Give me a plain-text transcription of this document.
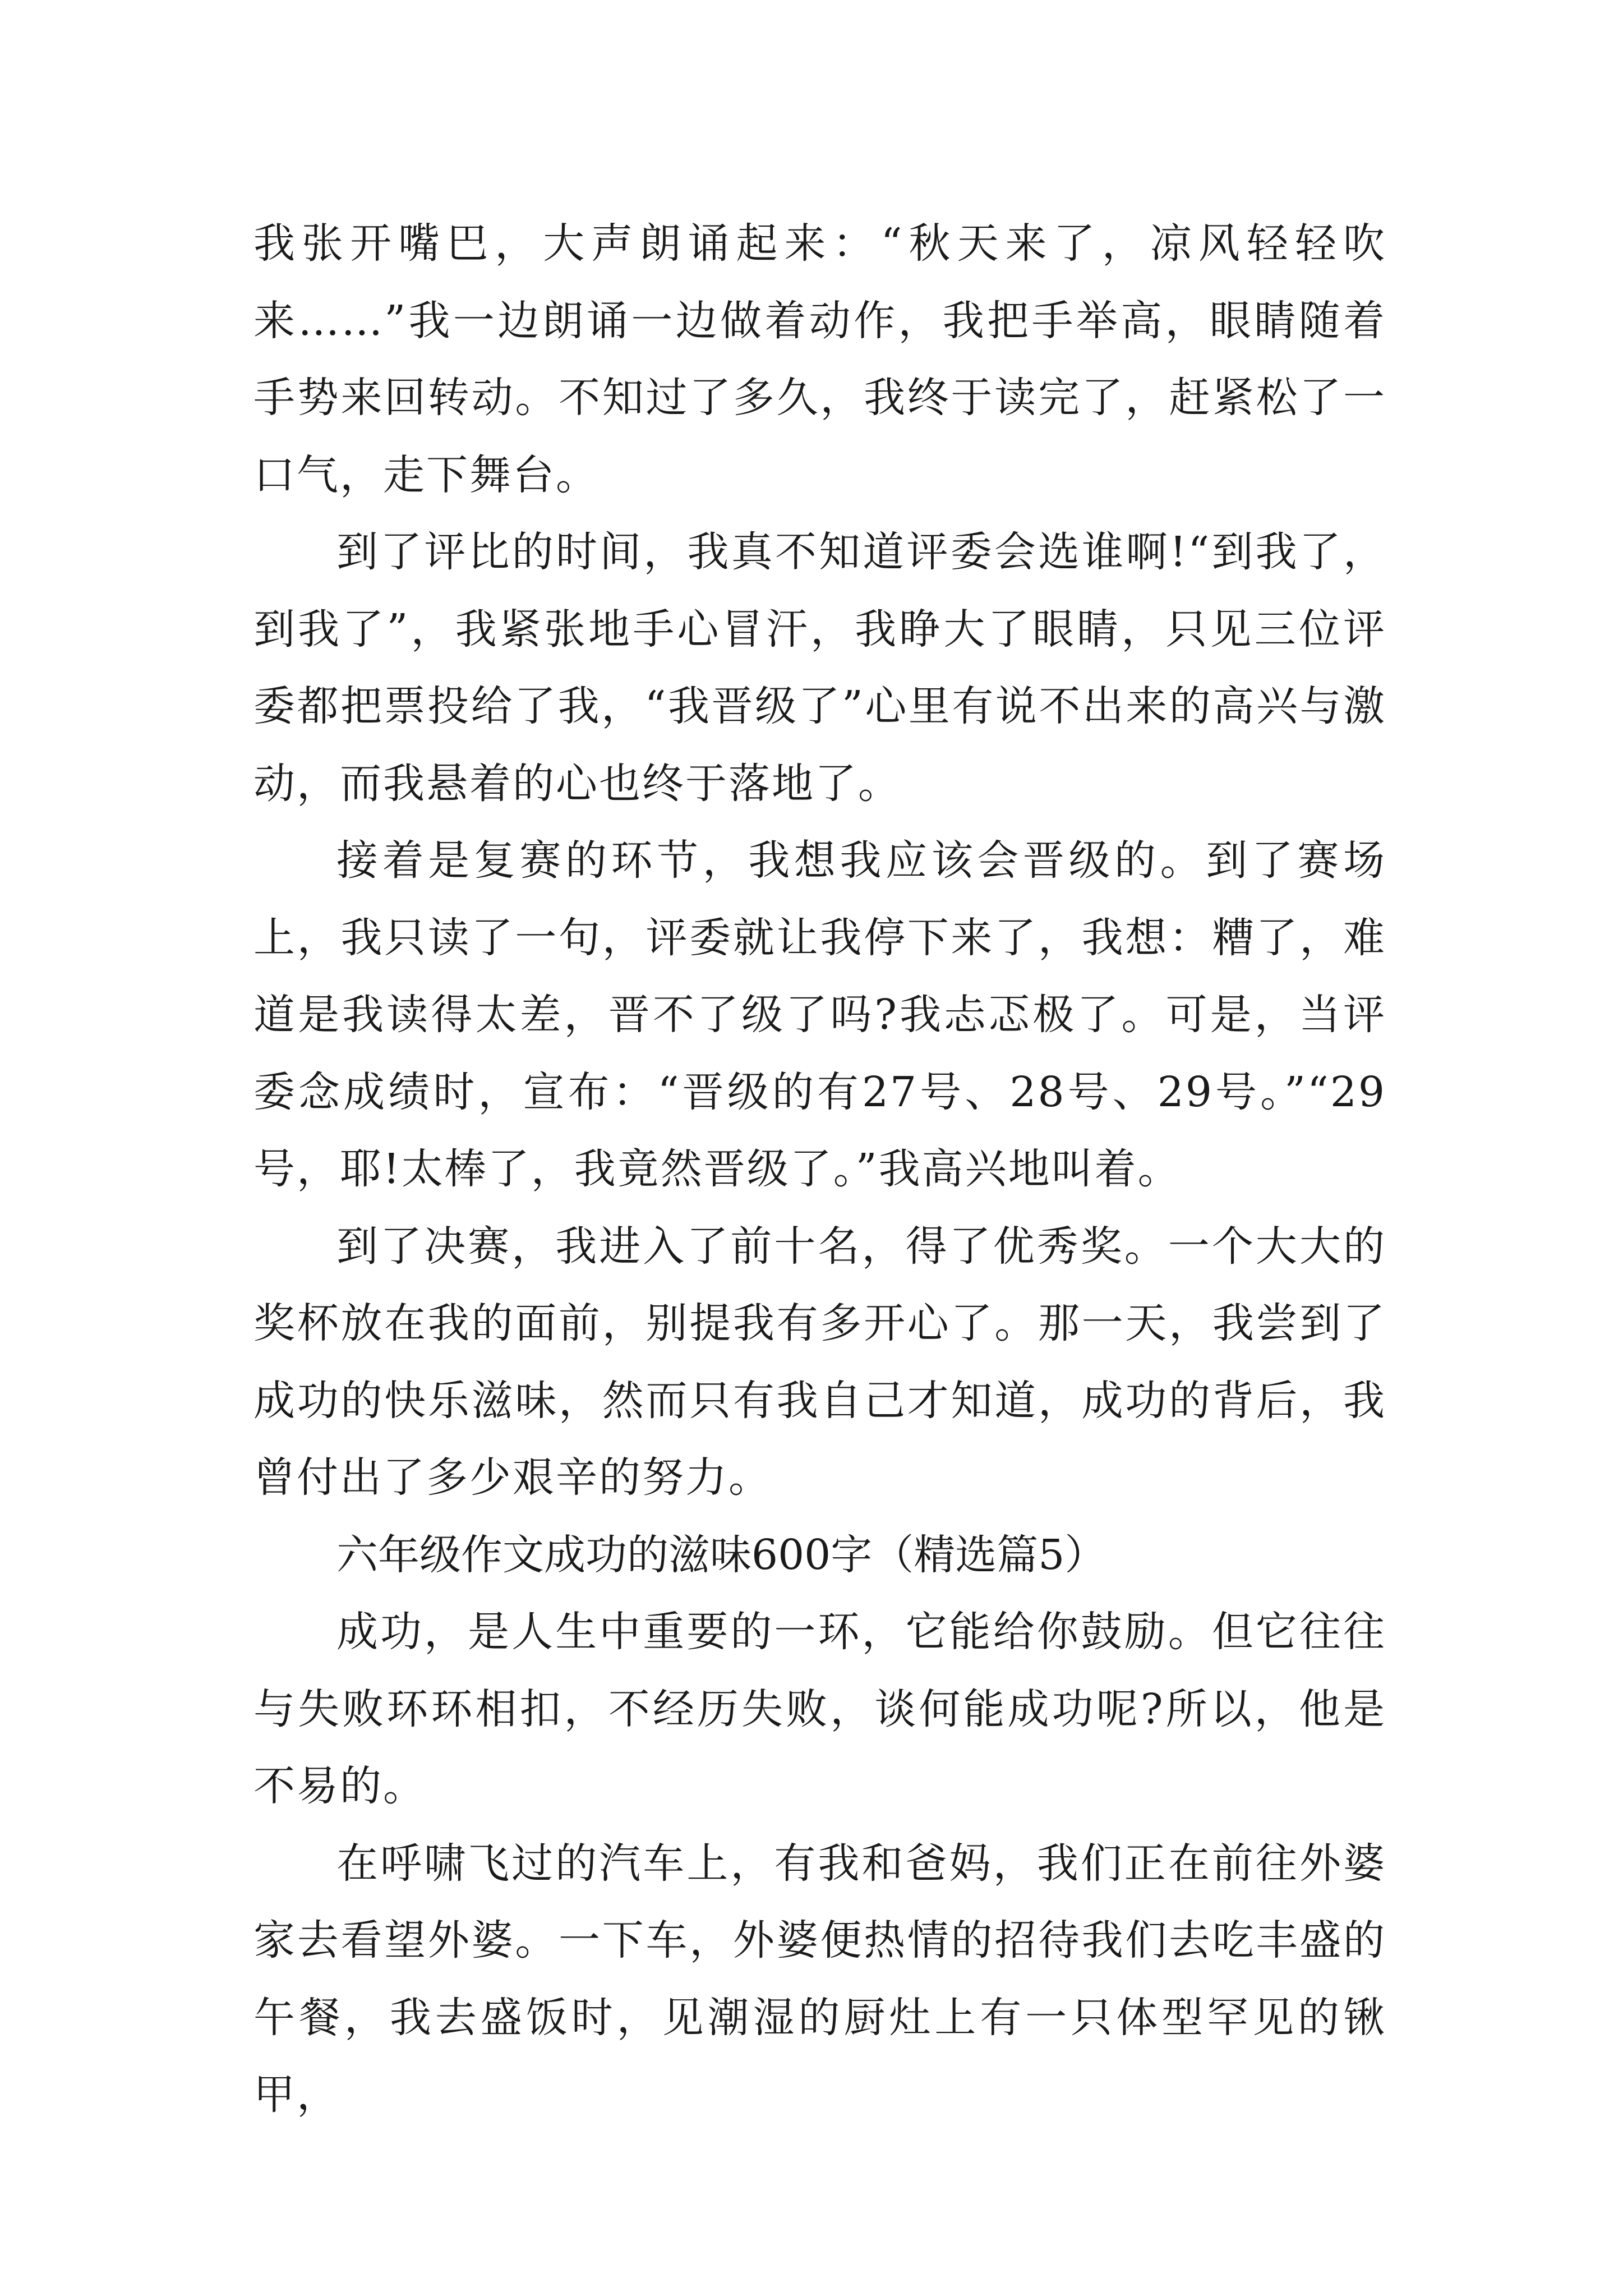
我张开嘴巴，大声朗诵起来：“秋天来了，凉风轻轻吹来……”我一边朗诵一边做着动作，我把手举高，眼睛随着手势来回转动。不知过了多久，我终于读完了，赶紧松了一口气，走下舞台。

到了评比的时间，我真不知道评委会选谁啊!“到我了，到我了”，我紧张地手心冒汗，我睁大了眼睛，只见三位评委都把票投给了我，“我晋级了”心里有说不出来的高兴与激动，而我悬着的心也终于落地了。

接着是复赛的环节，我想我应该会晋级的。到了赛场上，我只读了一句，评委就让我停下来了，我想：糟了，难道是我读得太差，晋不了级了吗?我忐忑极了。可是，当评委念成绩时，宣布：“晋级的有27号、28号、29号。”“29号，耶!太棒了，我竟然晋级了。”我高兴地叫着。

到了决赛，我进入了前十名，得了优秀奖。一个大大的奖杯放在我的面前，别提我有多开心了。那一天，我尝到了成功的快乐滋味，然而只有我自己才知道，成功的背后，我曾付出了多少艰辛的努力。

六年级作文成功的滋味600字（精选篇5）

成功，是人生中重要的一环，它能给你鼓励。但它往往与失败环环相扣，不经历失败，谈何能成功呢?所以，他是不易的。

在呼啸飞过的汽车上，有我和爸妈，我们正在前往外婆家去看望外婆。一下车，外婆便热情的招待我们去吃丰盛的午餐，我去盛饭时，见潮湿的厨灶上有一只体型罕见的锹甲，
